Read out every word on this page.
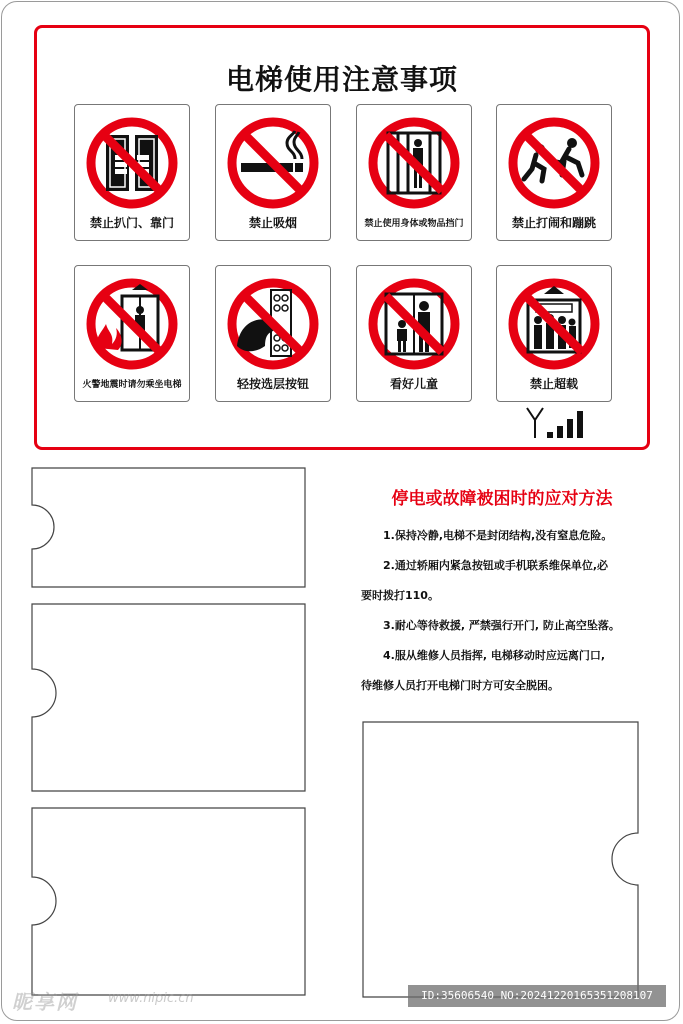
电梯使用注意事项
禁止扒门、靠门	禁止吸烟	禁止使用身体或物品挡门	禁止打闹和蹦跳
火警地震时请勿乘坐电梯	轻按选层按钮	看好儿童	禁止超载
停电或故障被困时的应对方法
1.保持冷静,电梯不是封闭结构,没有窒息危险。
2.通过轿厢内紧急按钮或手机联系维保单位,必
要时拨打110。
3.耐心等待救援, 严禁强行开门, 防止高空坠落。
4.服从维修人员指挥, 电梯移动时应远离门口,
待维修人员打开电梯门时方可安全脱困。
昵享网 www.nipic.cn	ID:35606540 NO:20241220165351208107
